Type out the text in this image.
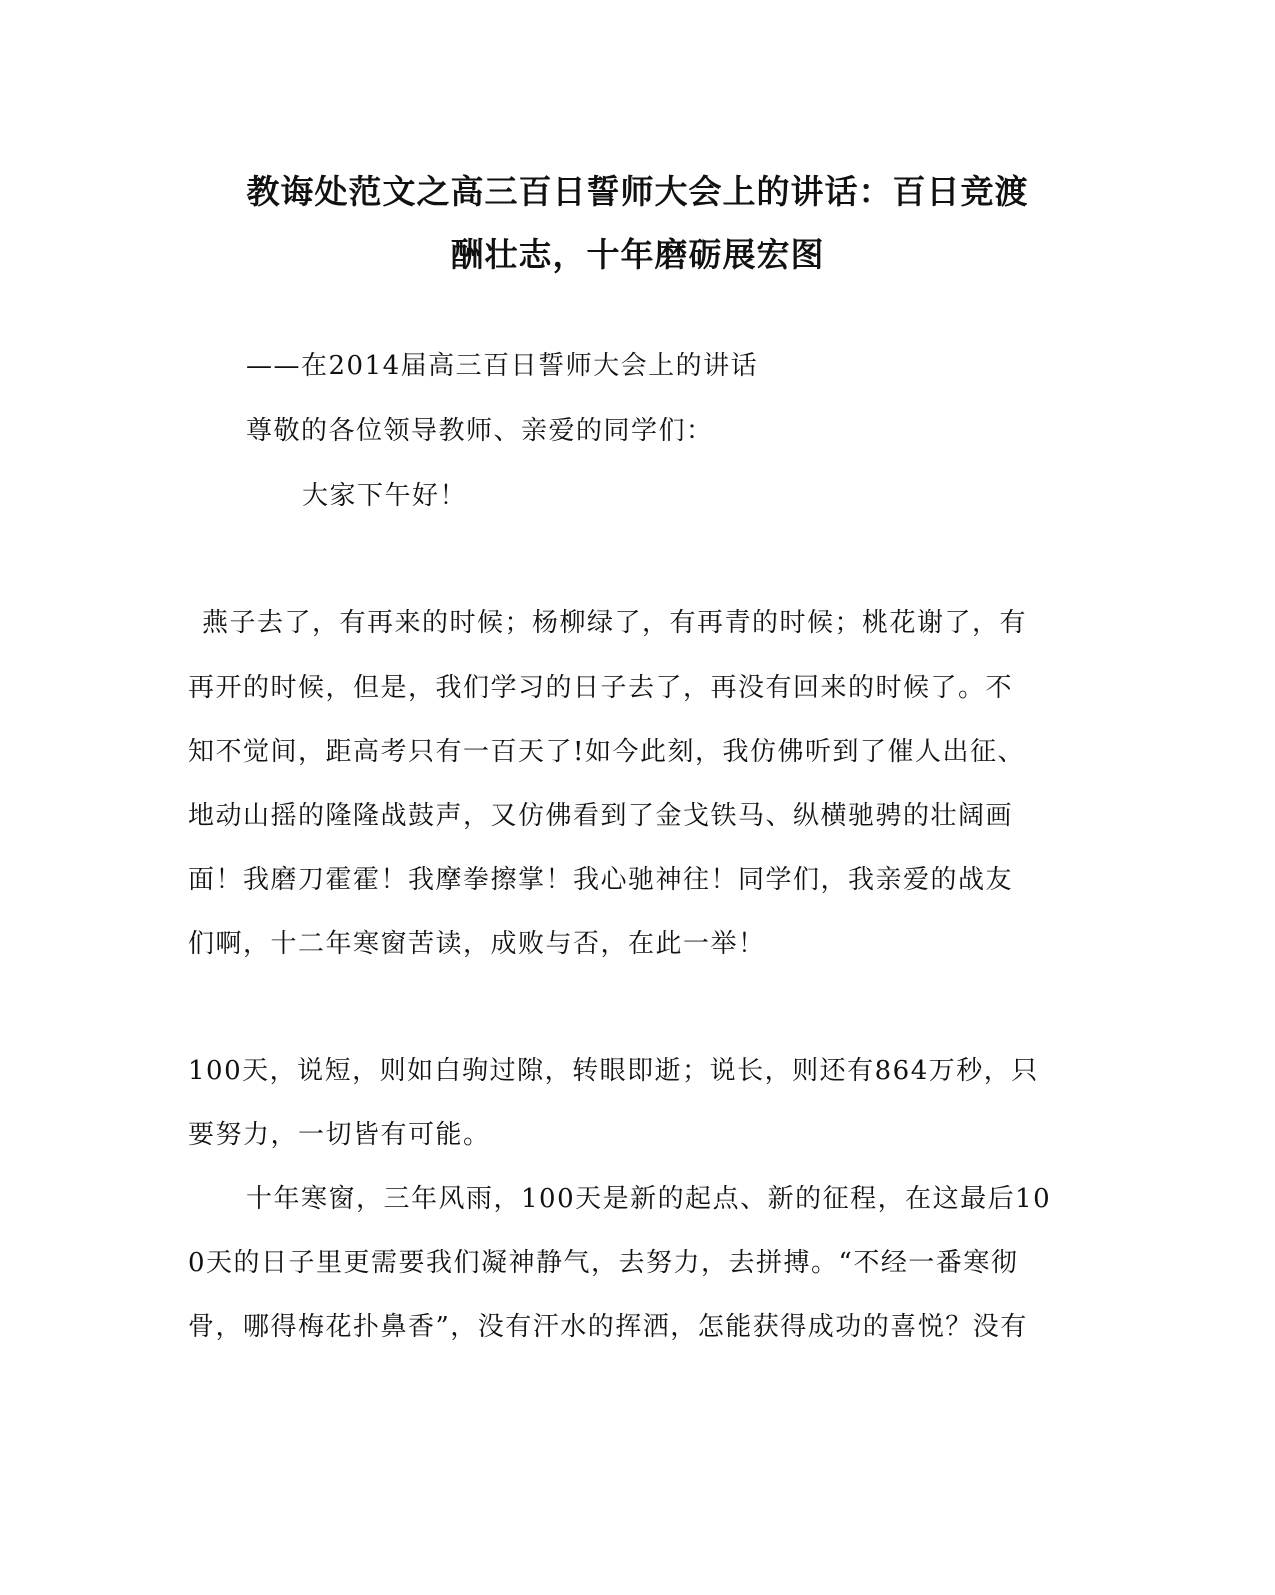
教诲处范文之高三百日誓师大会上的讲话：百日竞渡
酬壮志，十年磨砺展宏图
——在2014届高三百日誓师大会上的讲话
尊敬的各位领导教师、亲爱的同学们：
大家下午好！
燕子去了，有再来的时候；杨柳绿了，有再青的时候；桃花谢了，有
再开的时候，但是，我们学习的日子去了，再没有回来的时候了。不
知不觉间，距高考只有一百天了!如今此刻，我仿佛听到了催人出征、
地动山摇的隆隆战鼓声，又仿佛看到了金戈铁马、纵横驰骋的壮阔画
面！我磨刀霍霍！我摩拳擦掌！我心驰神往！同学们，我亲爱的战友
们啊，十二年寒窗苦读，成败与否，在此一举！
100天，说短，则如白驹过隙，转眼即逝；说长，则还有864万秒，只
要努力，一切皆有可能。
十年寒窗，三年风雨，100天是新的起点、新的征程，在这最后10
0天的日子里更需要我们凝神静气，去努力，去拼搏。“不经一番寒彻
骨，哪得梅花扑鼻香”，没有汗水的挥洒，怎能获得成功的喜悦？没有
